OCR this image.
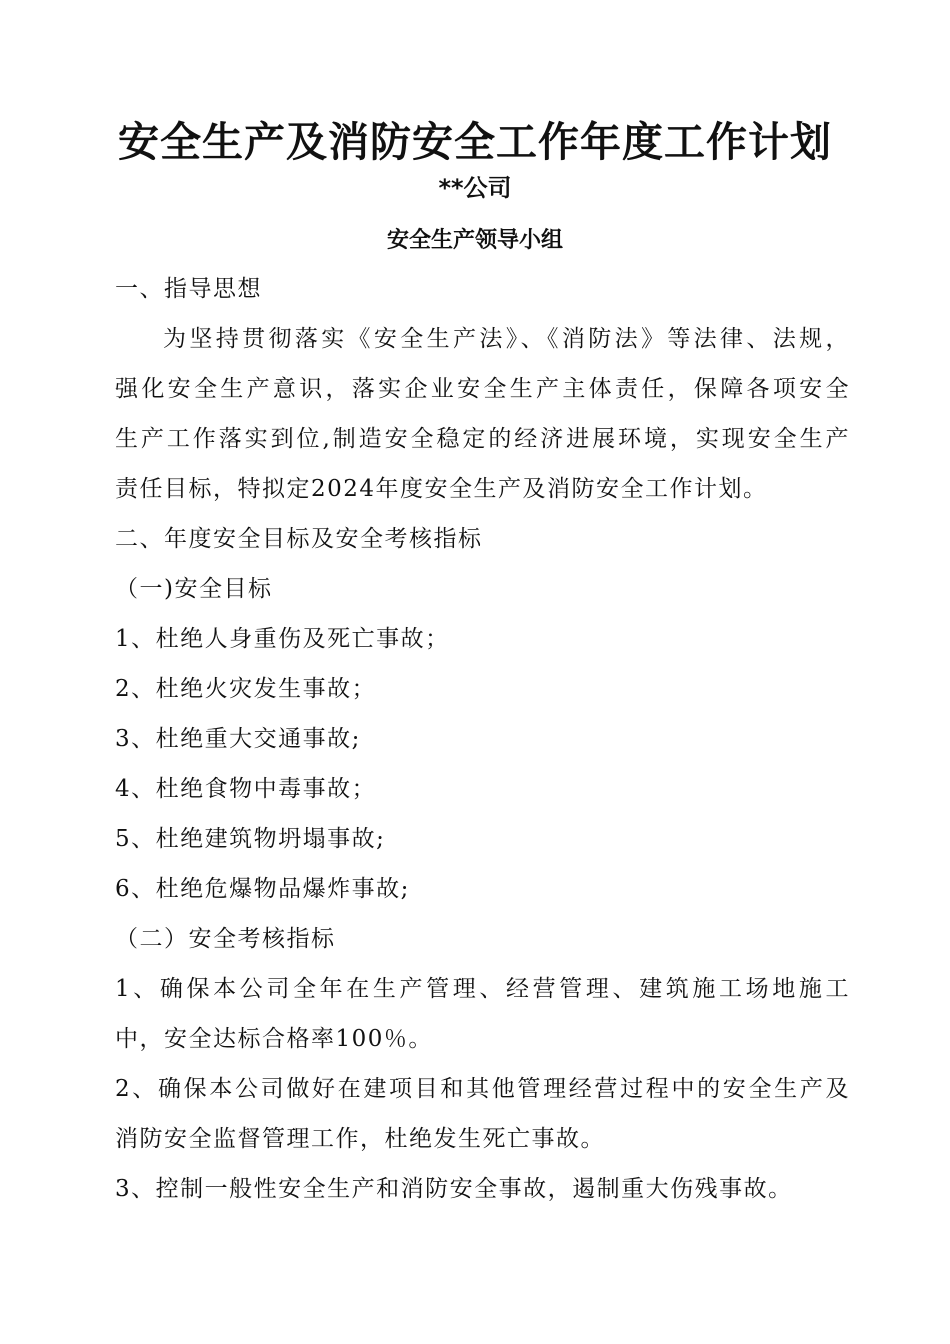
安全生产及消防安全工作年度工作计划
**公司
安全生产领导小组
一、指导思想
为坚持贯彻落实《安全生产法》、《消防法》等法律、法规，
强化安全生产意识，落实企业安全生产主体责任，保障各项安全
生产工作落实到位,制造安全稳定的经济进展环境，实现安全生产
责任目标，特拟定2024年度安全生产及消防安全工作计划。
二、年度安全目标及安全考核指标
（一)安全目标
1、杜绝人身重伤及死亡事故；
2、杜绝火灾发生事故；
3、杜绝重大交通事故;
4、杜绝食物中毒事故；
5、杜绝建筑物坍塌事故;
6、杜绝危爆物品爆炸事故;
（二）安全考核指标
1、确保本公司全年在生产管理、经营管理、建筑施工场地施工
中，安全达标合格率100％。
2、确保本公司做好在建项目和其他管理经营过程中的安全生产及
消防安全监督管理工作，杜绝发生死亡事故。
3、控制一般性安全生产和消防安全事故，遏制重大伤残事故。
